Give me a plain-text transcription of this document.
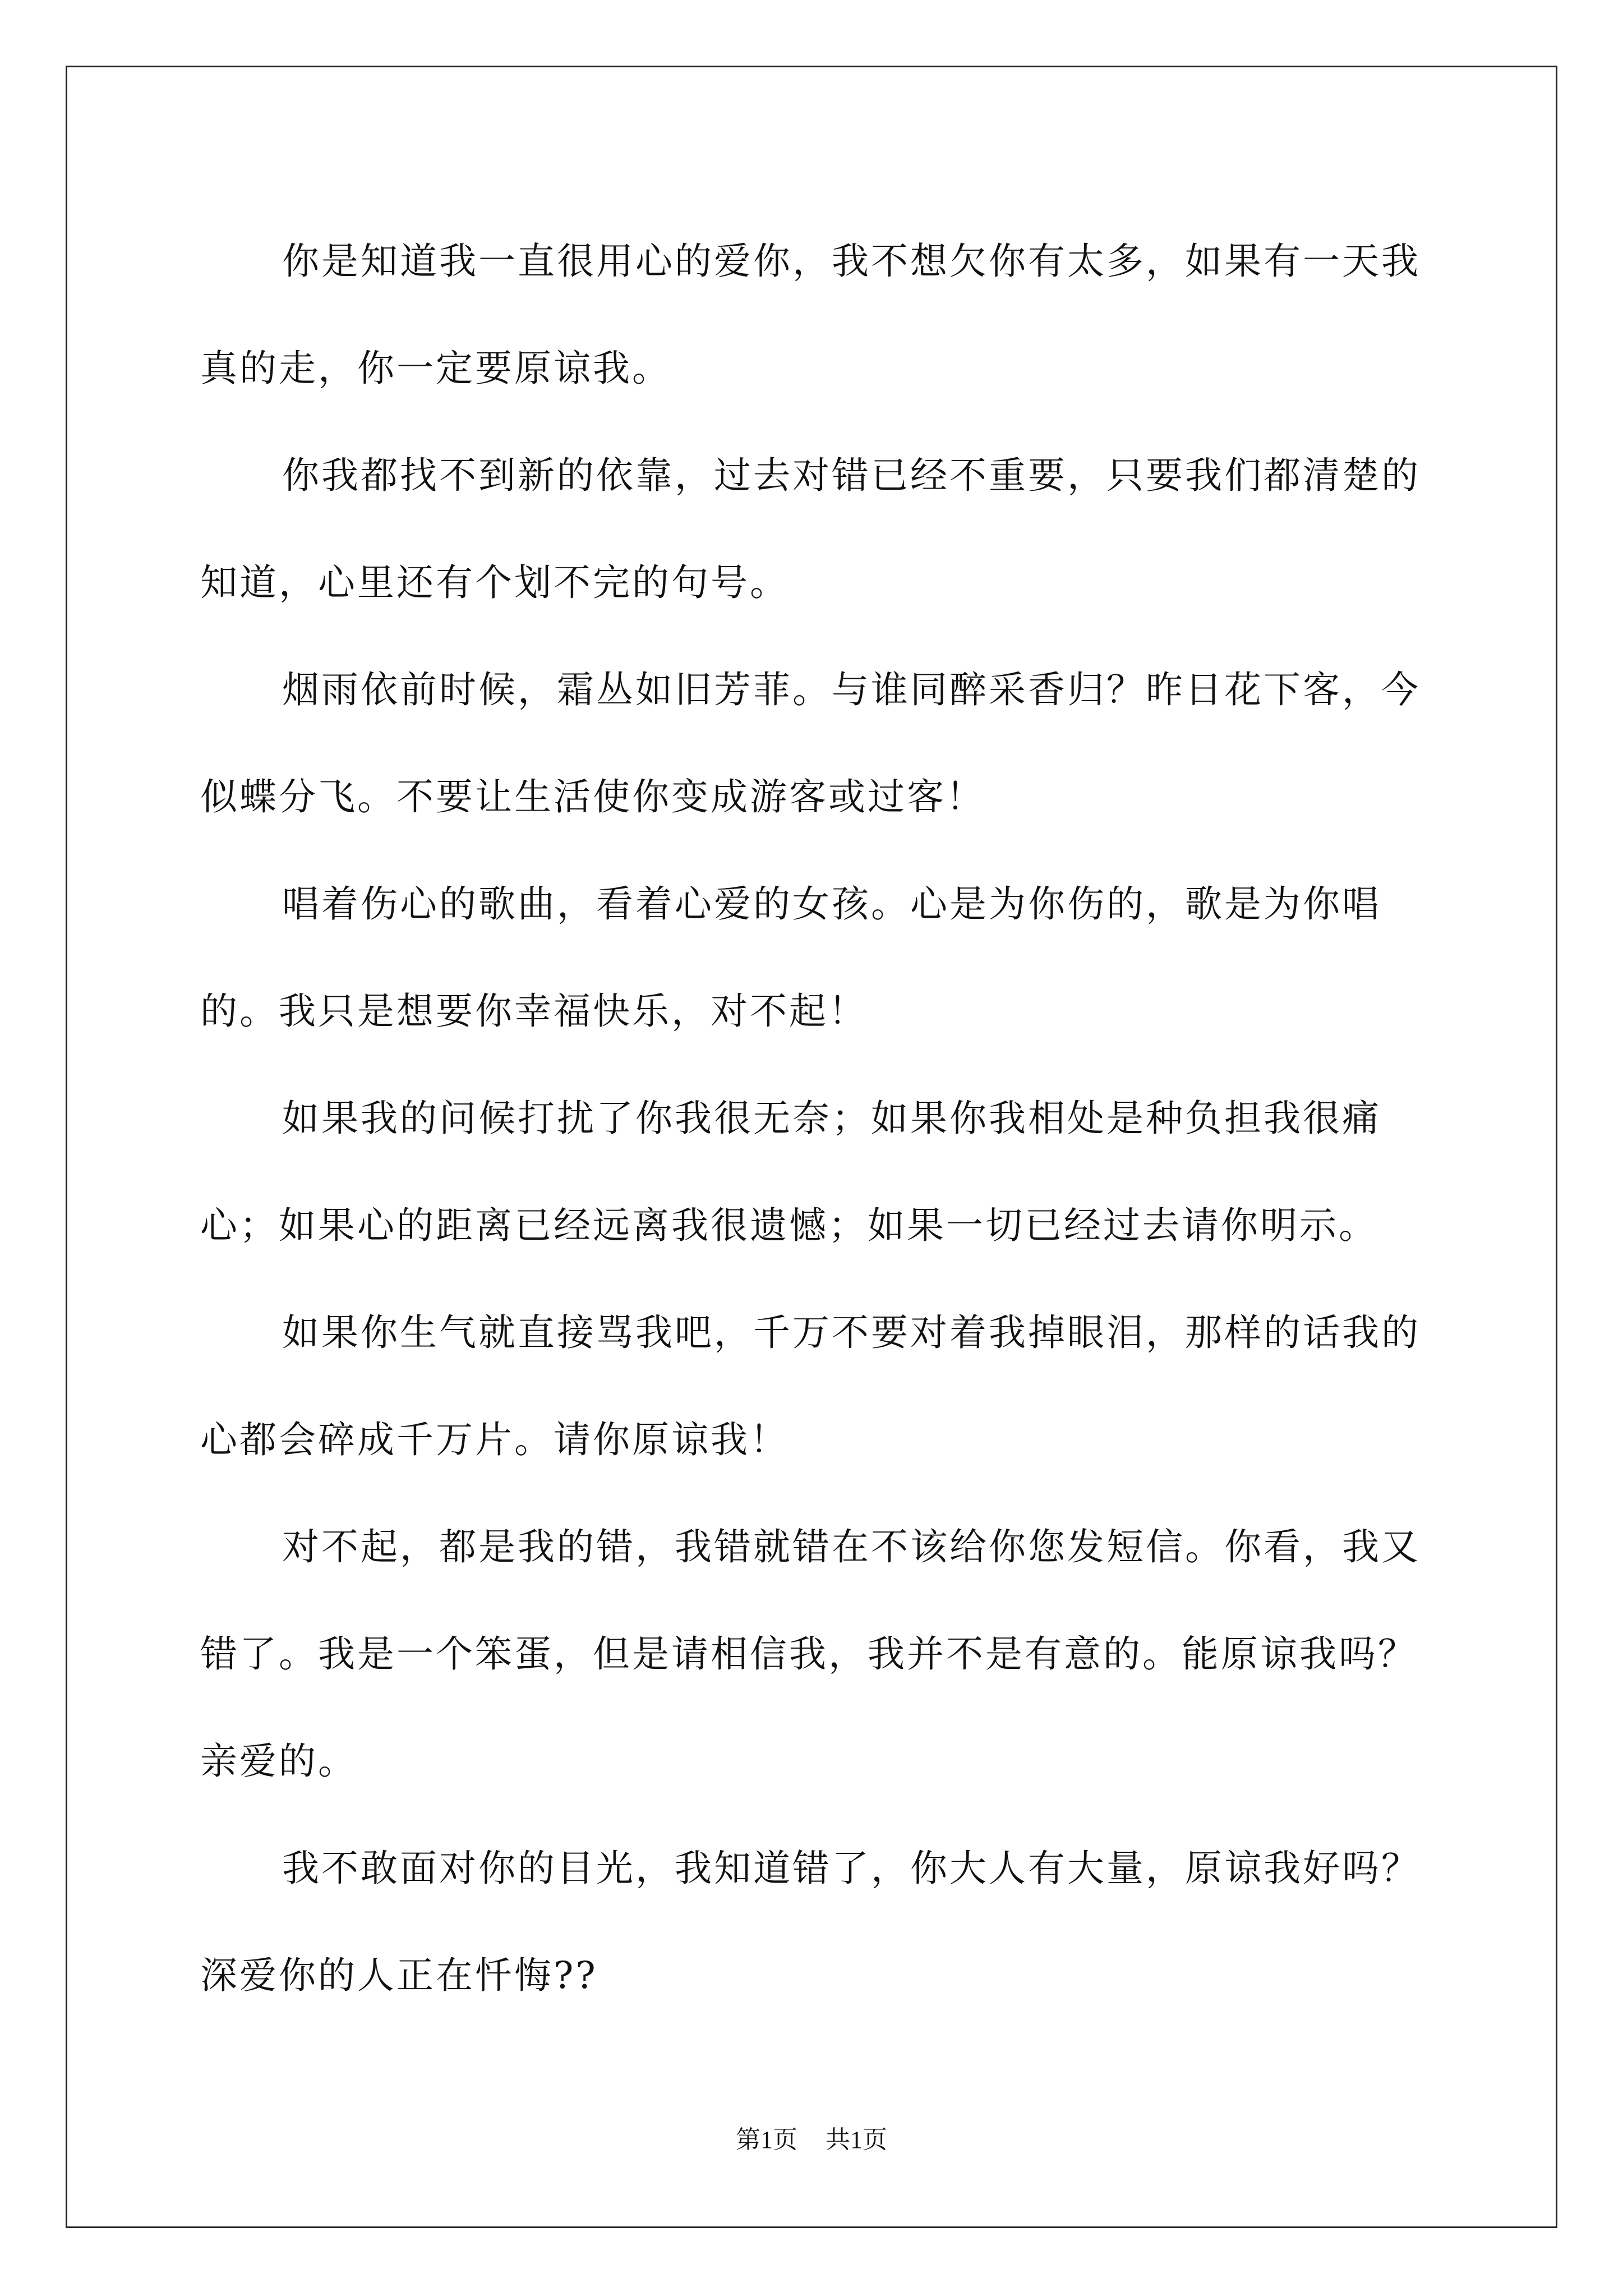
你是知道我一直很用心的爱你，我不想欠你有太多，如果有一天我真的走，你一定要原谅我。

你我都找不到新的依靠，过去对错已经不重要，只要我们都清楚的知道，心里还有个划不完的句号。

烟雨依前时候，霜丛如旧芳菲。与谁同醉采香归？昨日花下客，今似蝶分飞。不要让生活使你变成游客或过客！

唱着伤心的歌曲，看着心爱的女孩。心是为你伤的，歌是为你唱的。我只是想要你幸福快乐，对不起！

如果我的问候打扰了你我很无奈；如果你我相处是种负担我很痛心；如果心的距离已经远离我很遗憾；如果一切已经过去请你明示。

如果你生气就直接骂我吧，千万不要对着我掉眼泪，那样的话我的心都会碎成千万片。请你原谅我！

对不起，都是我的错，我错就错在不该给你您发短信。你看，我又错了。我是一个笨蛋，但是请相信我，我并不是有意的。能原谅我吗？亲爱的。

我不敢面对你的目光，我知道错了，你大人有大量，原谅我好吗？深爱你的人正在忏悔??

第1页 共1页
